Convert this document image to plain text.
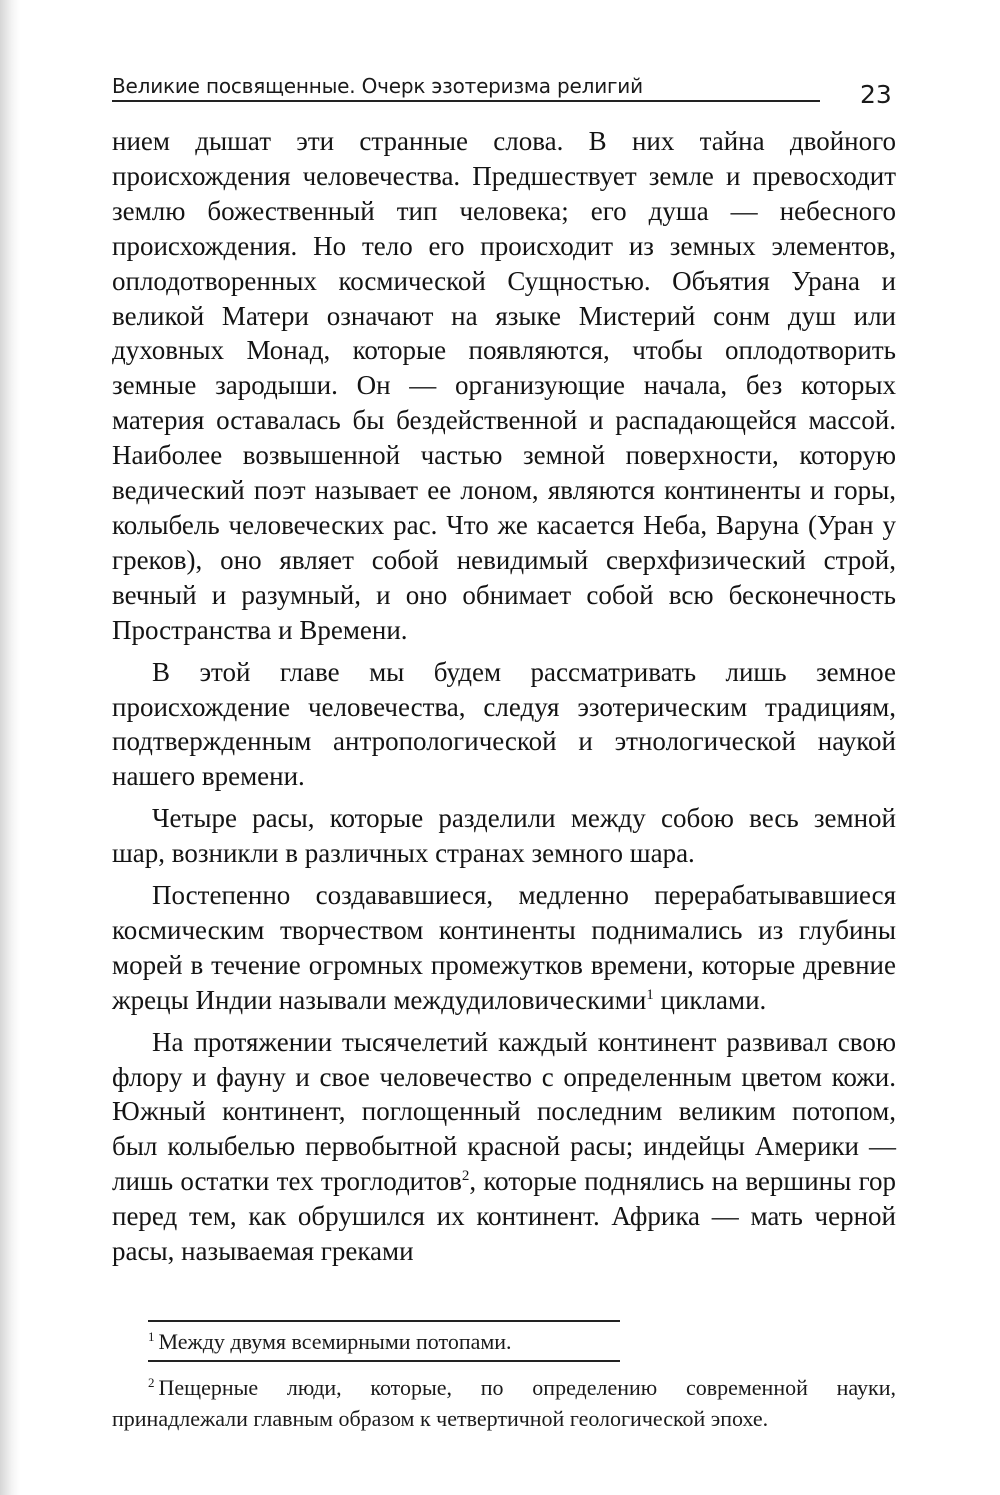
Великие посвященные. Очерк эзотеризма религий	23

нием дышат эти странные слова. В них тайна двойного происхождения человечества. Предшествует земле и превосходит землю божественный тип человека; его душа — небесного происхождения. Но тело его происходит из земных элементов, оплодотворенных космической Сущностью. Объятия Урана и великой Матери означают на языке Мистерий сонм душ или духовных Монад, которые появляются, чтобы оплодотворить земные зародыши. Он — организующие начала, без которых материя оставалась бы бездейственной и распадающейся массой. Наиболее возвышенной частью земной поверхности, которую ведический поэт называет ее лоном, являются континенты и горы, колыбель человеческих рас. Что же касается Неба, Варуна (Уран у греков), оно являет собой невидимый сверхфизический строй, вечный и разумный, и оно обнимает собой всю бесконечность Пространства и Времени.

В этой главе мы будем рассматривать лишь земное происхождение человечества, следуя эзотерическим традициям, подтвержденным антропологической и этнологической наукой нашего времени.

Четыре расы, которые разделили между собою весь земной шар, возникли в различных странах земного шара.

Постепенно создававшиеся, медленно перерабатывавшиеся космическим творчеством континенты поднимались из глубины морей в течение огромных промежутков времени, которые древние жрецы Индии называли междудиловическими$^1$ циклами.

На протяжении тысячелетий каждый континент развивал свою флору и фауну и свое человечество с определенным цветом кожи. Южный континент, поглощенный последним великим потопом, был колыбелью первобытной красной расы; индейцы Америки — лишь остатки тех троглодитов$^2$, которые поднялись на вершины гор перед тем, как обрушился их континент. Африка — мать черной расы, называемая греками

$^1$ Между двумя всемирными потопами.
$^2$ Пещерные люди, которые, по определению современной науки, принадлежали главным образом к четвертичной геологической эпохе.
